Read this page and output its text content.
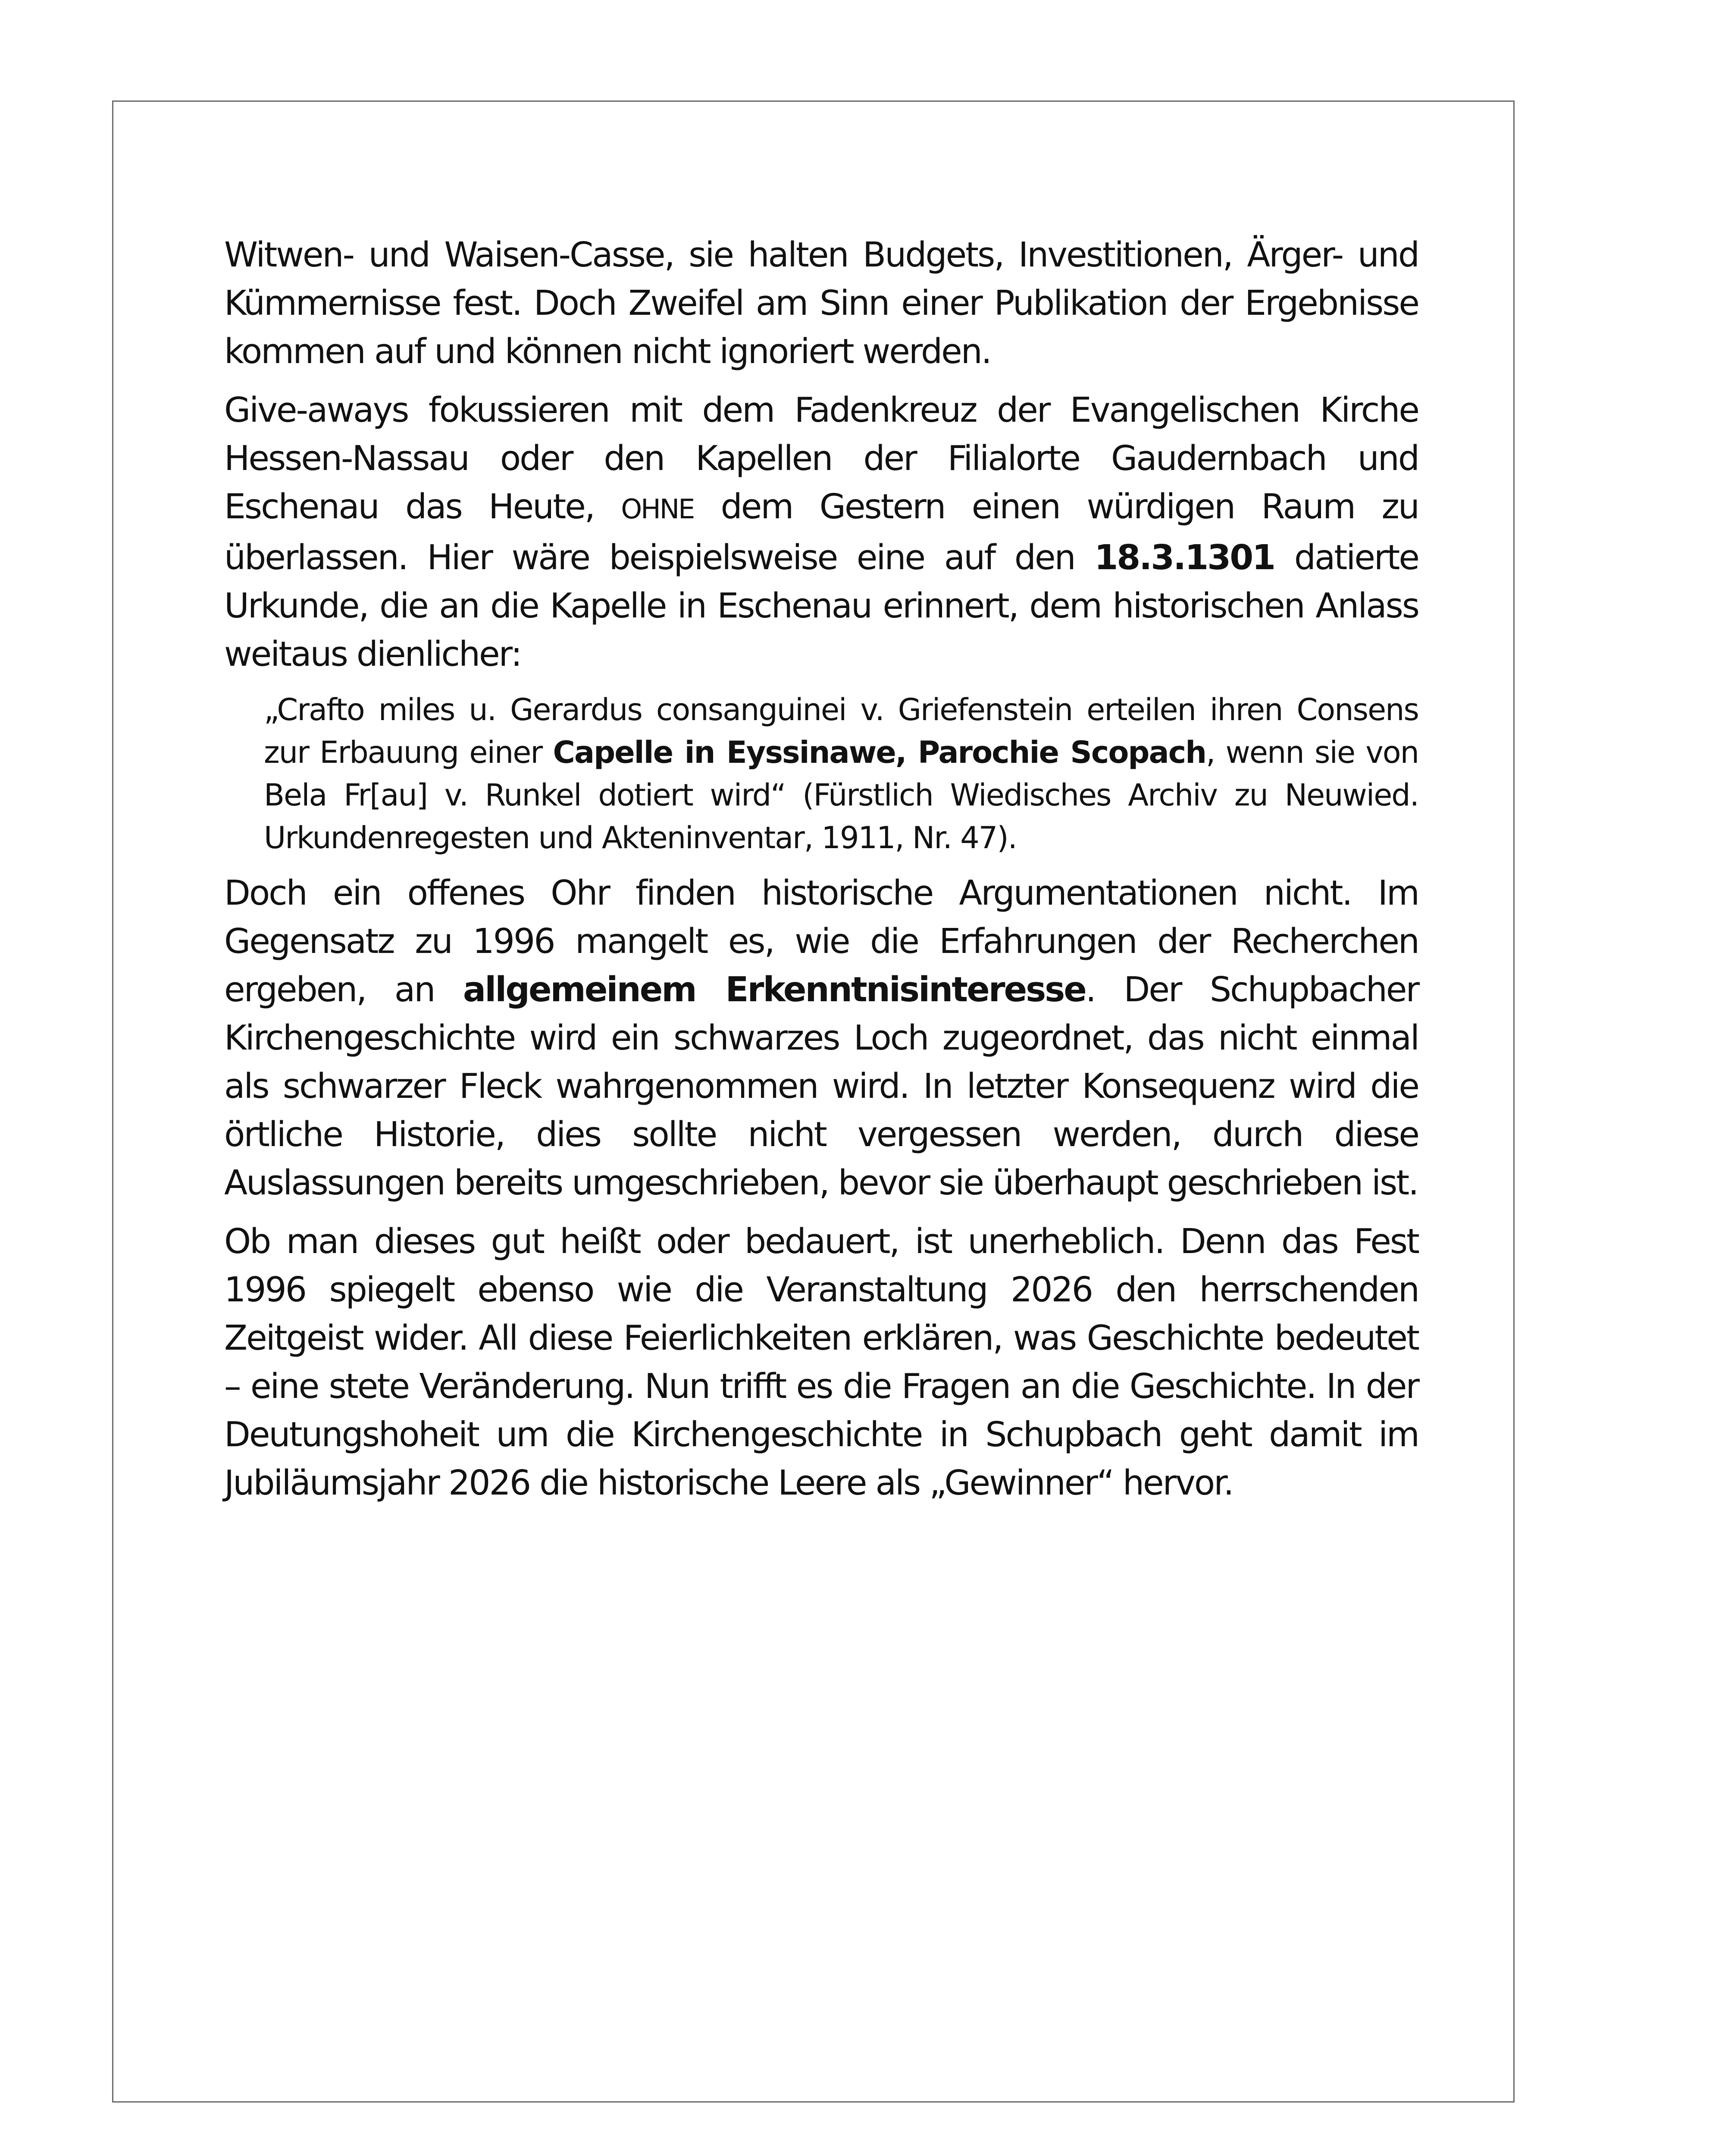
Witwen- und Waisen-Casse, sie halten Budgets, Investitionen, Ärger- und Kümmernisse fest. Doch Zweifel am Sinn einer Publikation der Ergebnisse kommen auf und können nicht ignoriert werden.

Give-aways fokussieren mit dem Fadenkreuz der Evangelischen Kirche Hessen-Nassau oder den Kapellen der Filialorte Gaudernbach und Eschenau das Heute, OHNE dem Gestern einen würdigen Raum zu überlassen. Hier wäre beispielsweise eine auf den 18.3.1301 datierte Urkunde, die an die Kapelle in Eschenau erinnert, dem historischen Anlass weitaus dienlicher:

„Crafto miles u. Gerardus consanguinei v. Griefenstein erteilen ihren Consens zur Erbauung einer Capelle in Eyssinawe, Parochie Scopach, wenn sie von Bela Fr[au] v. Runkel dotiert wird“ (Fürstlich Wiedisches Archiv zu Neuwied. Urkundenregesten und Akteninventar, 1911, Nr. 47).

Doch ein offenes Ohr finden historische Argumentationen nicht. Im Gegensatz zu 1996 mangelt es, wie die Erfahrungen der Recherchen ergeben, an allgemeinem Erkenntnisinteresse. Der Schupbacher Kirchengeschichte wird ein schwarzes Loch zugeordnet, das nicht einmal als schwarzer Fleck wahrgenommen wird. In letzter Konsequenz wird die örtliche Historie, dies sollte nicht vergessen werden, durch diese Auslassungen bereits umgeschrieben, bevor sie überhaupt geschrieben ist.

Ob man dieses gut heißt oder bedauert, ist unerheblich. Denn das Fest 1996 spiegelt ebenso wie die Veranstaltung 2026 den herrschenden Zeitgeist wider. All diese Feierlichkeiten erklären, was Geschichte bedeutet – eine stete Veränderung. Nun trifft es die Fragen an die Geschichte. In der Deutungshoheit um die Kirchengeschichte in Schupbach geht damit im Jubiläumsjahr 2026 die historische Leere als „Gewinner“ hervor.
